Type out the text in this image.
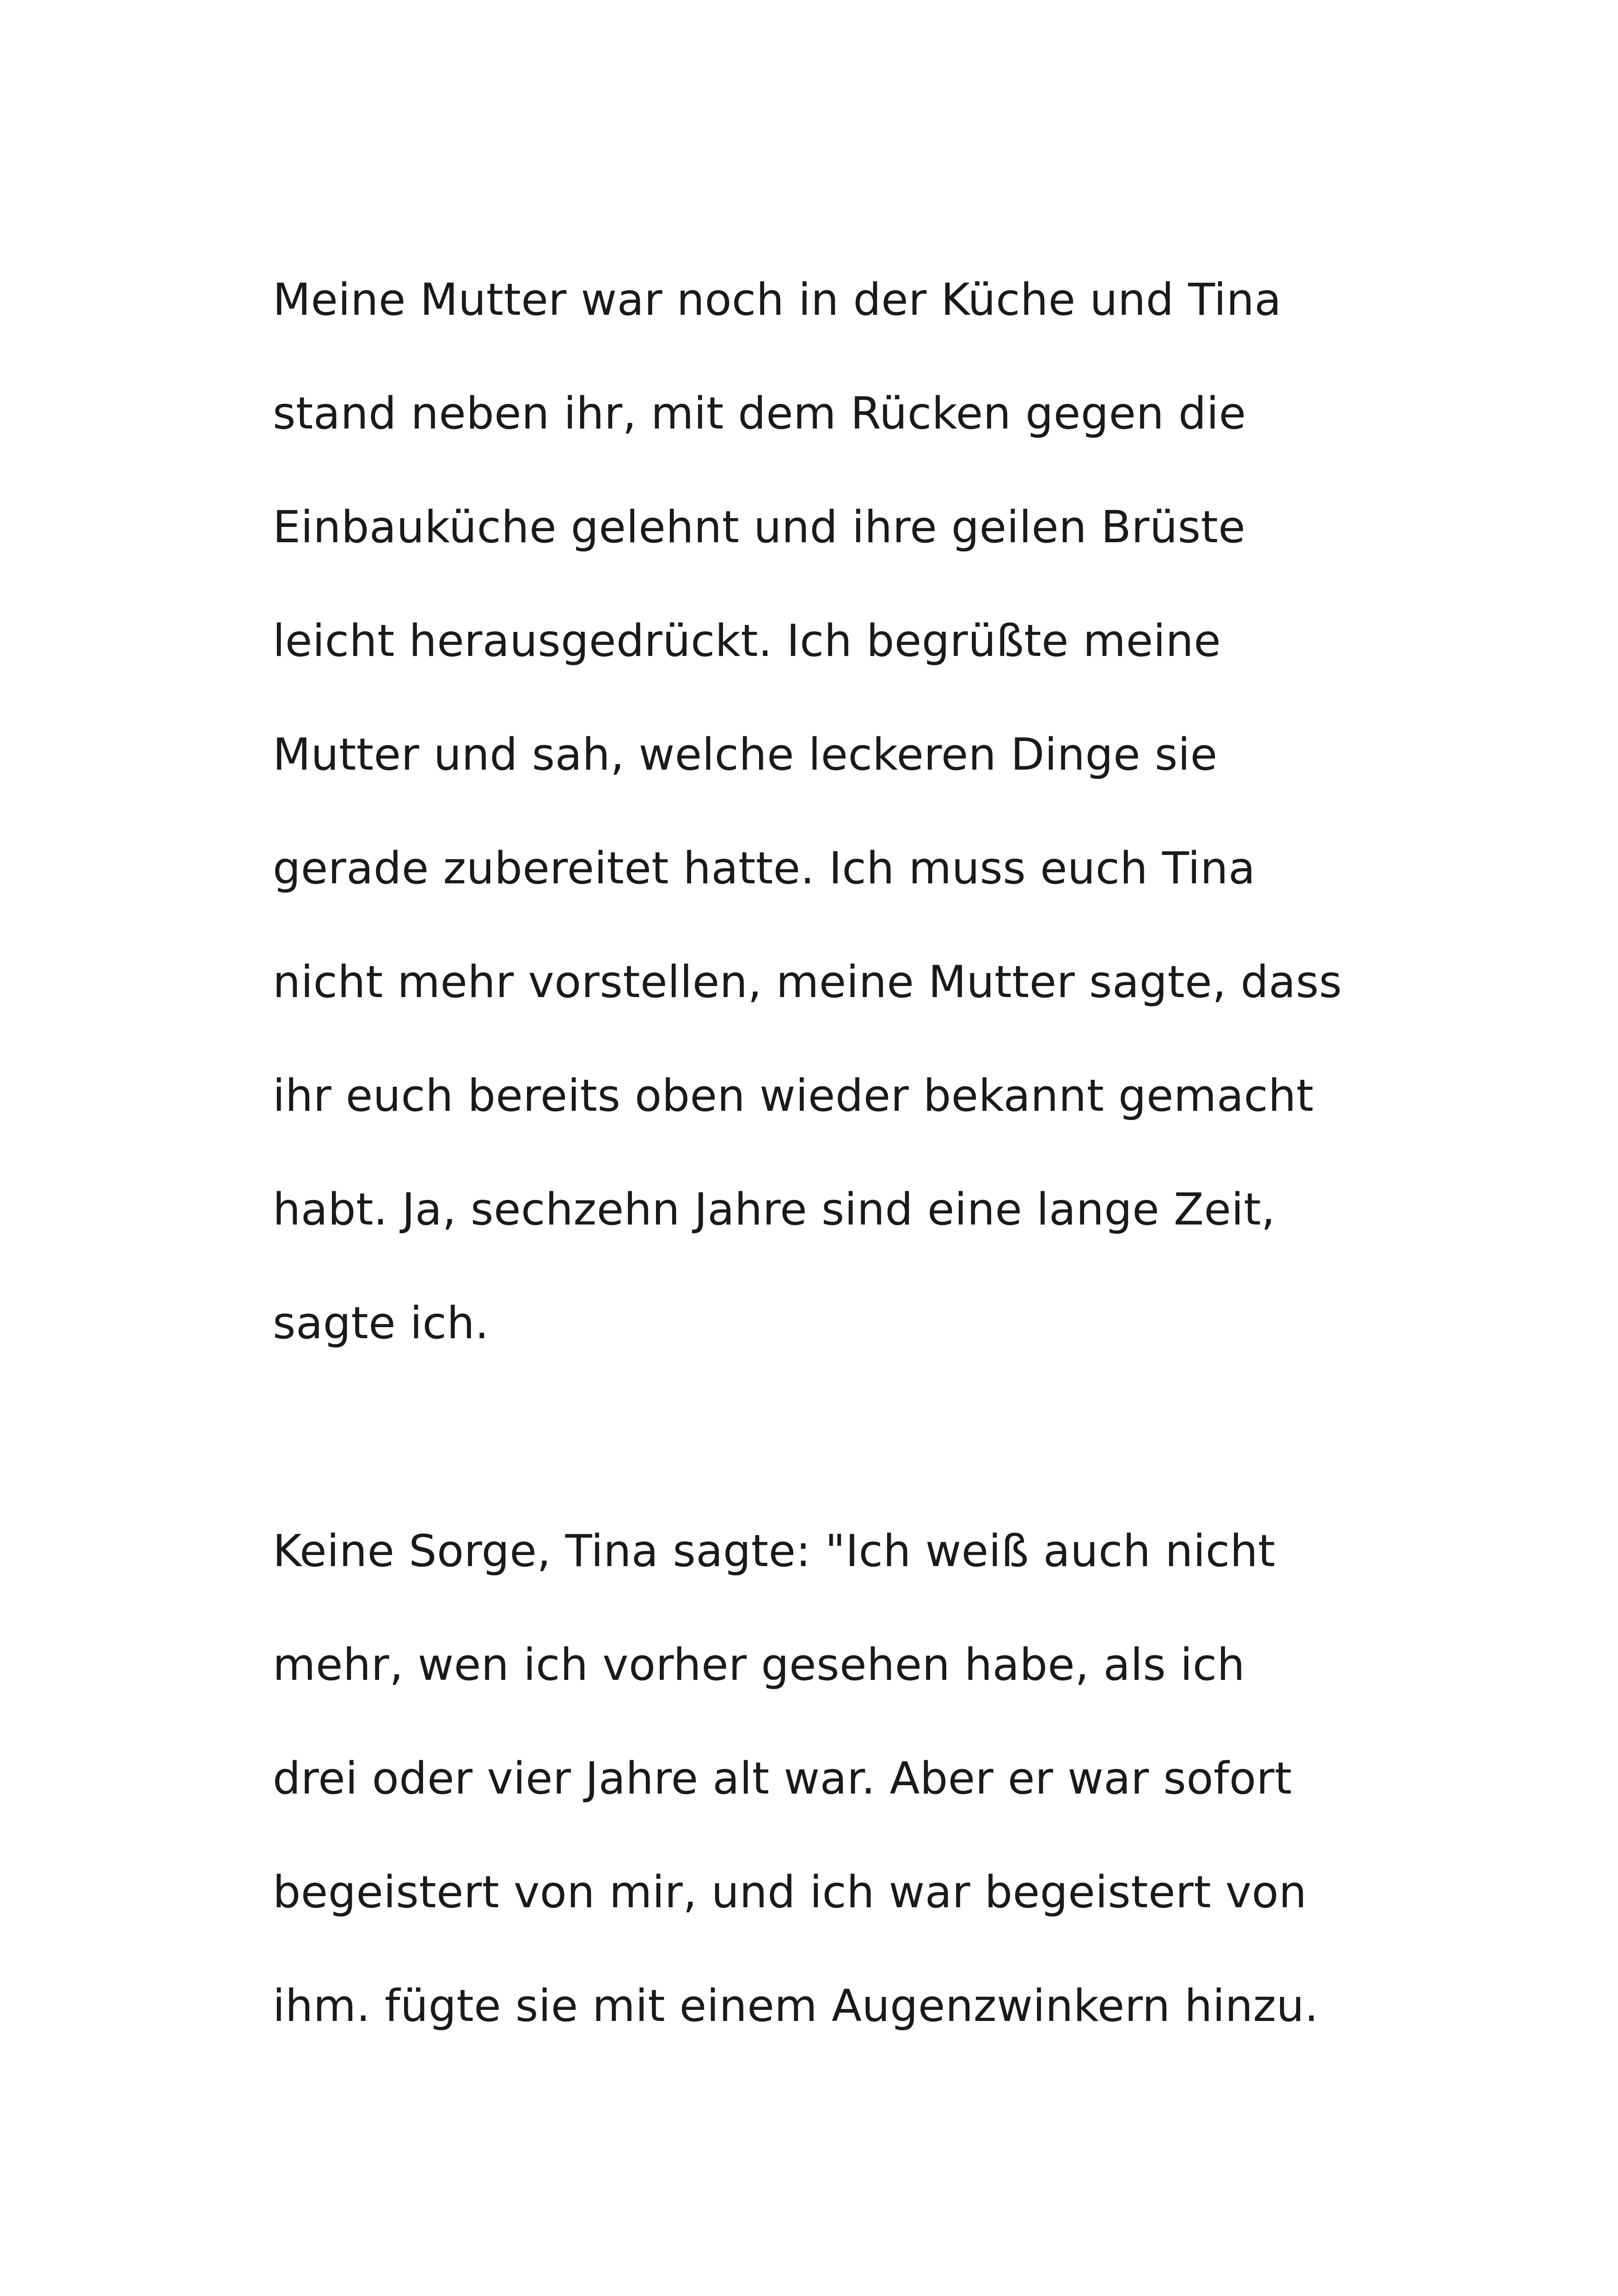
Meine Mutter war noch in der Küche und Tina
stand neben ihr, mit dem Rücken gegen die
Einbauküche gelehnt und ihre geilen Brüste
leicht herausgedrückt. Ich begrüßte meine
Mutter und sah, welche leckeren Dinge sie
gerade zubereitet hatte. Ich muss euch Tina
nicht mehr vorstellen, meine Mutter sagte, dass
ihr euch bereits oben wieder bekannt gemacht
habt. Ja, sechzehn Jahre sind eine lange Zeit,
sagte ich.
Keine Sorge, Tina sagte: "Ich weiß auch nicht
mehr, wen ich vorher gesehen habe, als ich
drei oder vier Jahre alt war. Aber er war sofort
begeistert von mir, und ich war begeistert von
ihm. fügte sie mit einem Augenzwinkern hinzu.
